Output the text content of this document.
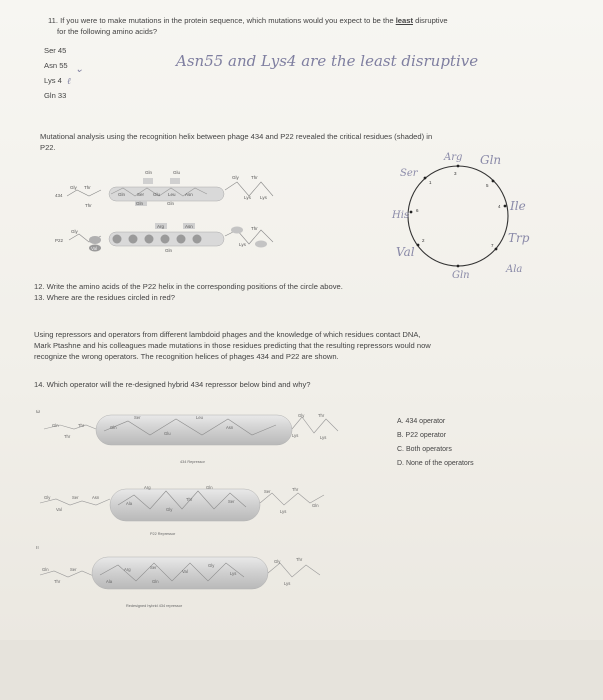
11. If you were to make mutations in the protein sequence, which mutations would you expect to be the least disruptive
for the following amino acids?
Ser 45
Asn 55
Lys 4
Gln 33
⌄
ℓ
Asn55 and Lys4 are the least disruptive
Mutational analysis using the recognition helix between phage 434 and P22 revealed the critical residues (shaded) in
P22.
434
Gly Thr
Thr
Gln	Glu
Gln	Ser Glu Leu Asn
Gln	Gln
Gly	Thr
Lys Lys
P22
Gly
Arg	Asn
Val	Gln
Thr
Lys
3
1
5
6
4
2
7
Arg Gln
Ser
His
Ile
Val
Trp
Gln
Ala
12. Write the amino acids of the P22 helix in the corresponding positions of the circle above.
13. Where are the residues circled in red?
Using repressors and operators from different lambdoid phages and the knowledge of which residues contact DNA,
Mark Ptashne and his colleagues made mutations in those residues predicting that the resulting repressors would now
recognize the wrong operators. The recognition helices of phages 434 and P22 are shown.
14. Which operator will the re-designed hybrid 434 repressor below bind and why?
A. 434 operator
B. P22 operator
C. Both operators
D. None of the operators
ω
Gln	Thr
Thr
Gln
Ser
Glu
Leu
Asn
Gly	Thr
Lys	Lys
434 Repressor
Gly
Val
Ser	Asn
Ala
Arg
Gly
Thr
Gln
Ser
Ser	Thr
Lys
Gln
P22 Repressor
ıı
Gln
Thr
Ser
Ala
Arg	Ser
Gln
Val
Gly
Lys
Gly	Thr
Lys
Redesigned hybrid 434 repressor
